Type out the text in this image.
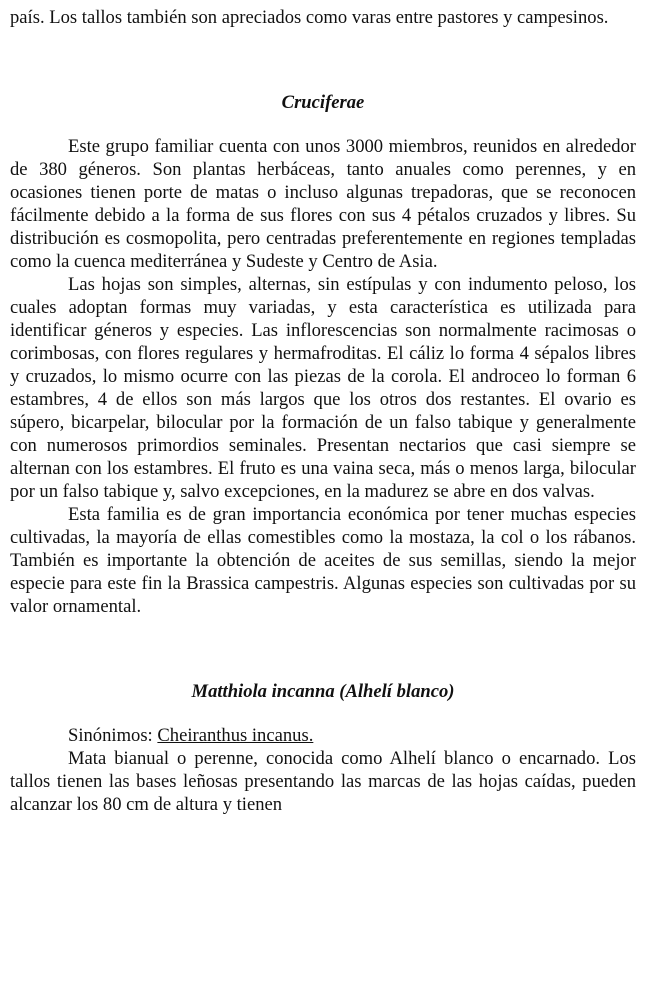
país. Los tallos también son apreciados como varas entre pastores y campesinos.

Cruciferae

Este grupo familiar cuenta con unos 3000 miembros, reunidos en alrededor de 380 géneros. Son plantas herbáceas, tanto anuales como perennes, y en ocasiones tienen porte de matas o incluso algunas trepadoras, que se reconocen fácilmente debido a la forma de sus flores con sus 4 pétalos cruzados y libres. Su distribución es cosmopolita, pero centradas preferentemente en regiones templadas como la cuenca mediterránea y Sudeste y Centro de Asia.

Las hojas son simples, alternas, sin estípulas y con indumento peloso, los cuales adoptan formas muy variadas, y esta característica es utilizada para identificar géneros y especies. Las inflorescencias son normalmente racimosas o corimbosas, con flores regulares y hermafroditas. El cáliz lo forma 4 sépalos libres y cruzados, lo mismo ocurre con las piezas de la corola. El androceo lo forman 6 estambres, 4 de ellos son más largos que los otros dos restantes. El ovario es súpero, bicarpelar, bilocular por la formación de un falso tabique y generalmente con numerosos primordios seminales. Presentan nectarios que casi siempre se alternan con los estambres. El fruto es una vaina seca, más o menos larga, bilocular por un falso tabique y, salvo excepciones, en la madurez se abre en dos valvas.

Esta familia es de gran importancia económica por tener muchas especies cultivadas, la mayoría de ellas comestibles como la mostaza, la col o los rábanos. También es importante la obtención de aceites de sus semillas, siendo la mejor especie para este fin la Brassica campestris. Algunas especies son cultivadas por su valor ornamental.

Matthiola incanna (Alhelí blanco)

Sinónimos: Cheiranthus incanus.

Mata bianual o perenne, conocida como Alhelí blanco o encarnado. Los tallos tienen las bases leñosas presentando las marcas de las hojas caídas, pueden alcanzar los 80 cm de altura y tienen
